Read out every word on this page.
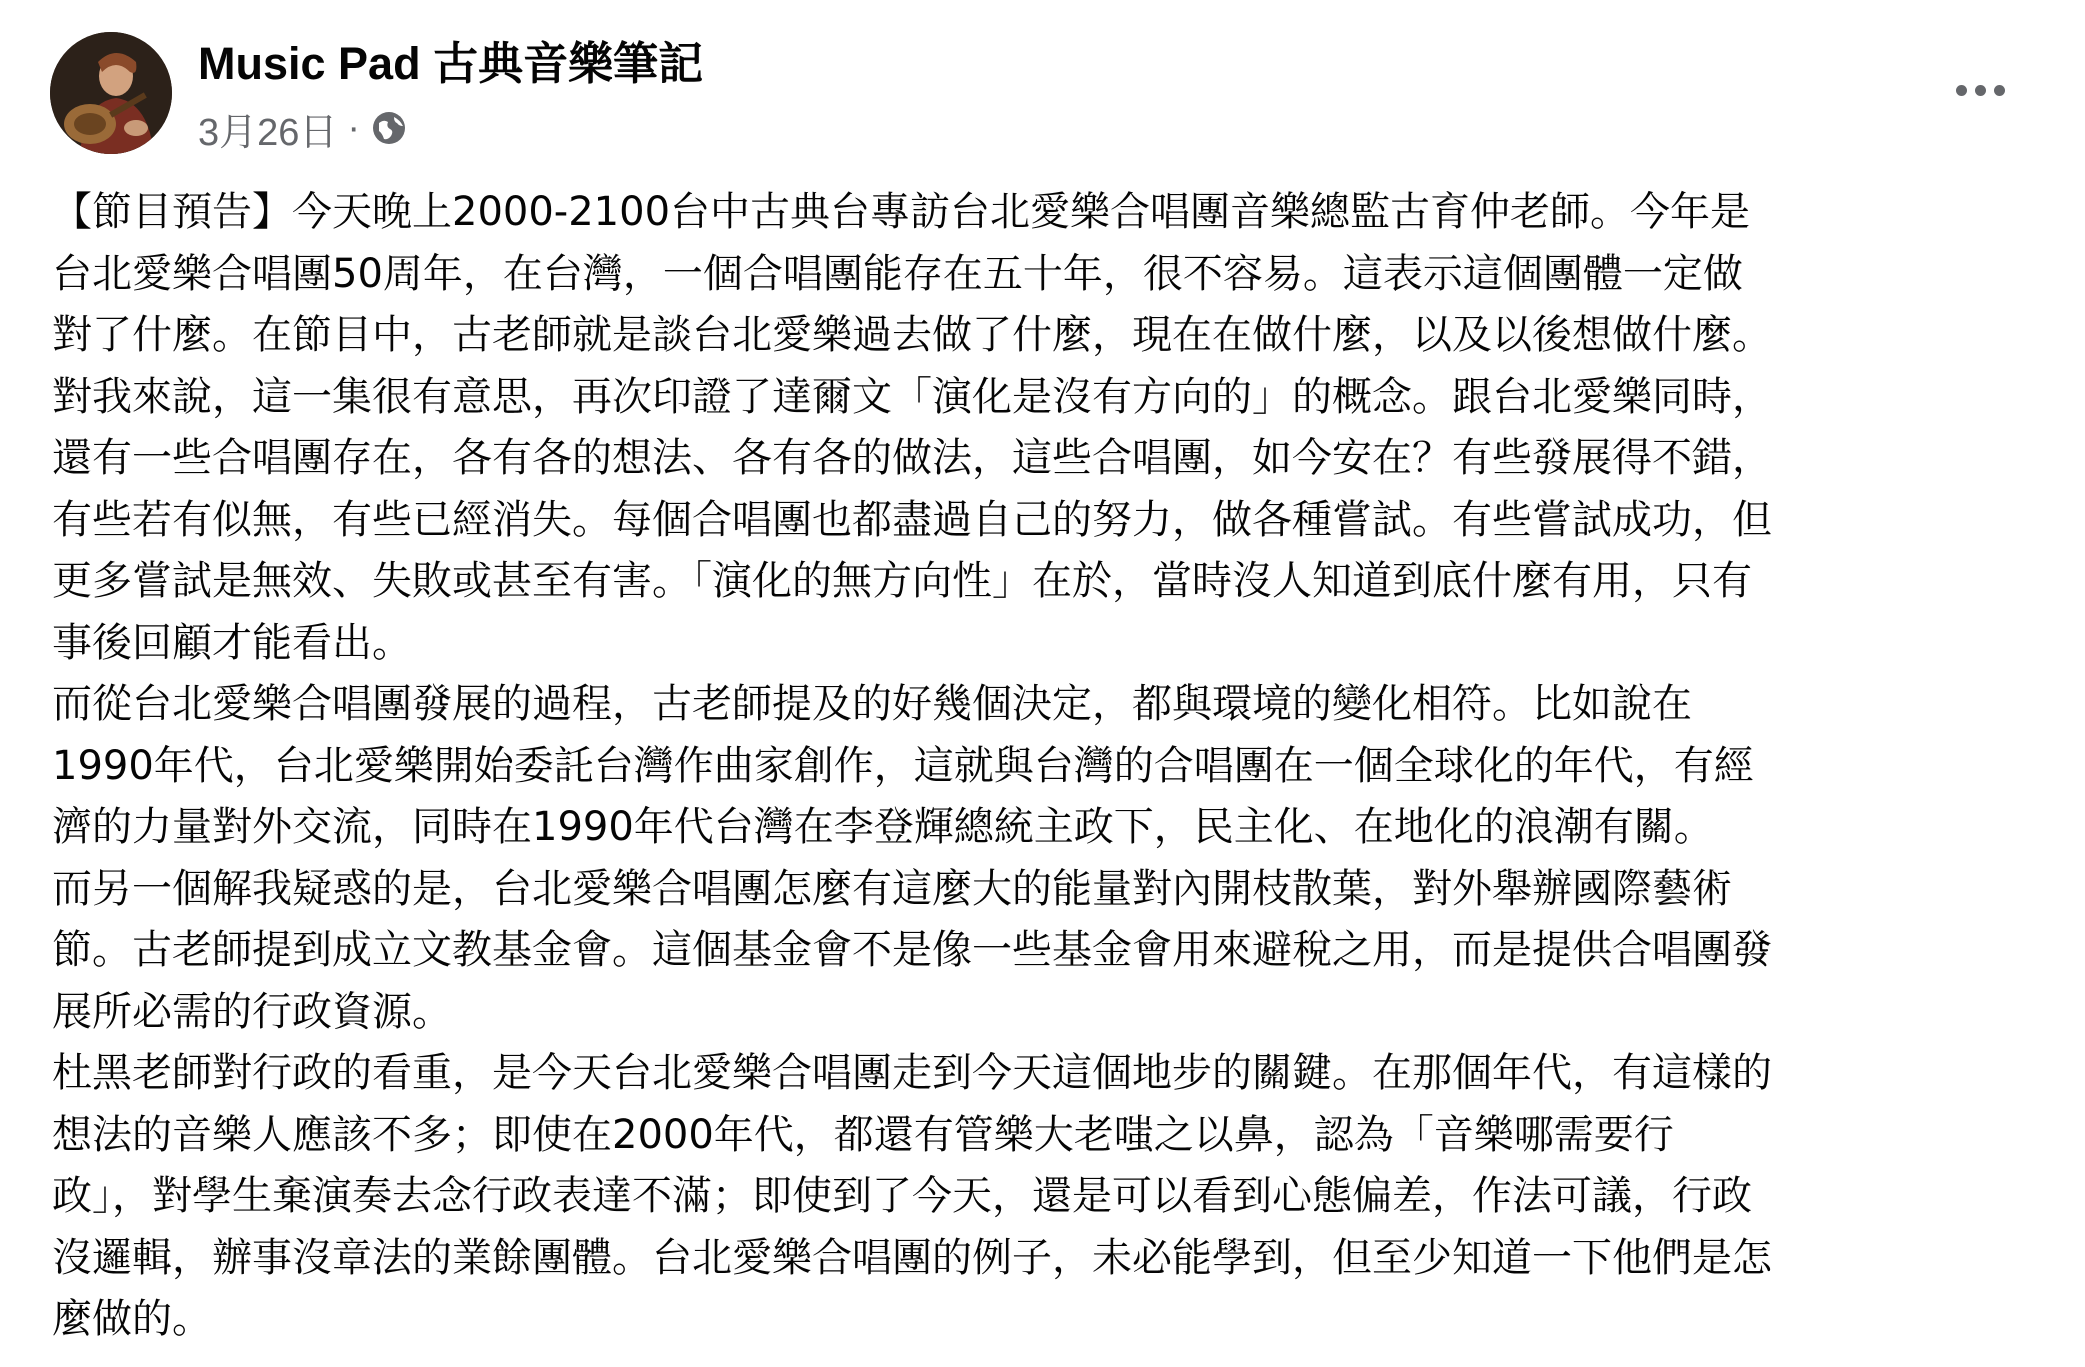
Music Pad 古典音樂筆記
3月26日 ·

【節目預告】今天晚上2000-2100台中古典台專訪台北愛樂合唱團音樂總監古育仲老師。今年是

台北愛樂合唱團50周年，在台灣，一個合唱團能存在五十年，很不容易。這表示這個團體一定做

對了什麼。在節目中，古老師就是談台北愛樂過去做了什麼，現在在做什麼，以及以後想做什麼。

對我來說，這一集很有意思，再次印證了達爾文「演化是沒有方向的」的概念。跟台北愛樂同時，

還有一些合唱團存在，各有各的想法、各有各的做法，這些合唱團，如今安在？有些發展得不錯，

有些若有似無，有些已經消失。每個合唱團也都盡過自己的努力，做各種嘗試。有些嘗試成功，但

更多嘗試是無效、失敗或甚至有害。「演化的無方向性」在於，當時沒人知道到底什麼有用，只有

事後回顧才能看出。

而從台北愛樂合唱團發展的過程，古老師提及的好幾個決定，都與環境的變化相符。比如說在

1990年代，台北愛樂開始委託台灣作曲家創作，這就與台灣的合唱團在一個全球化的年代，有經

濟的力量對外交流，同時在1990年代台灣在李登輝總統主政下，民主化、在地化的浪潮有關。

而另一個解我疑惑的是，台北愛樂合唱團怎麼有這麼大的能量對內開枝散葉，對外舉辦國際藝術

節。古老師提到成立文教基金會。這個基金會不是像一些基金會用來避稅之用，而是提供合唱團發

展所必需的行政資源。

杜黑老師對行政的看重，是今天台北愛樂合唱團走到今天這個地步的關鍵。在那個年代，有這樣的

想法的音樂人應該不多；即使在2000年代，都還有管樂大老嗤之以鼻，認為「音樂哪需要行

政」，對學生棄演奏去念行政表達不滿；即使到了今天，還是可以看到心態偏差，作法可議，行政

沒邏輯，辦事沒章法的業餘團體。台北愛樂合唱團的例子，未必能學到，但至少知道一下他們是怎

麼做的。
